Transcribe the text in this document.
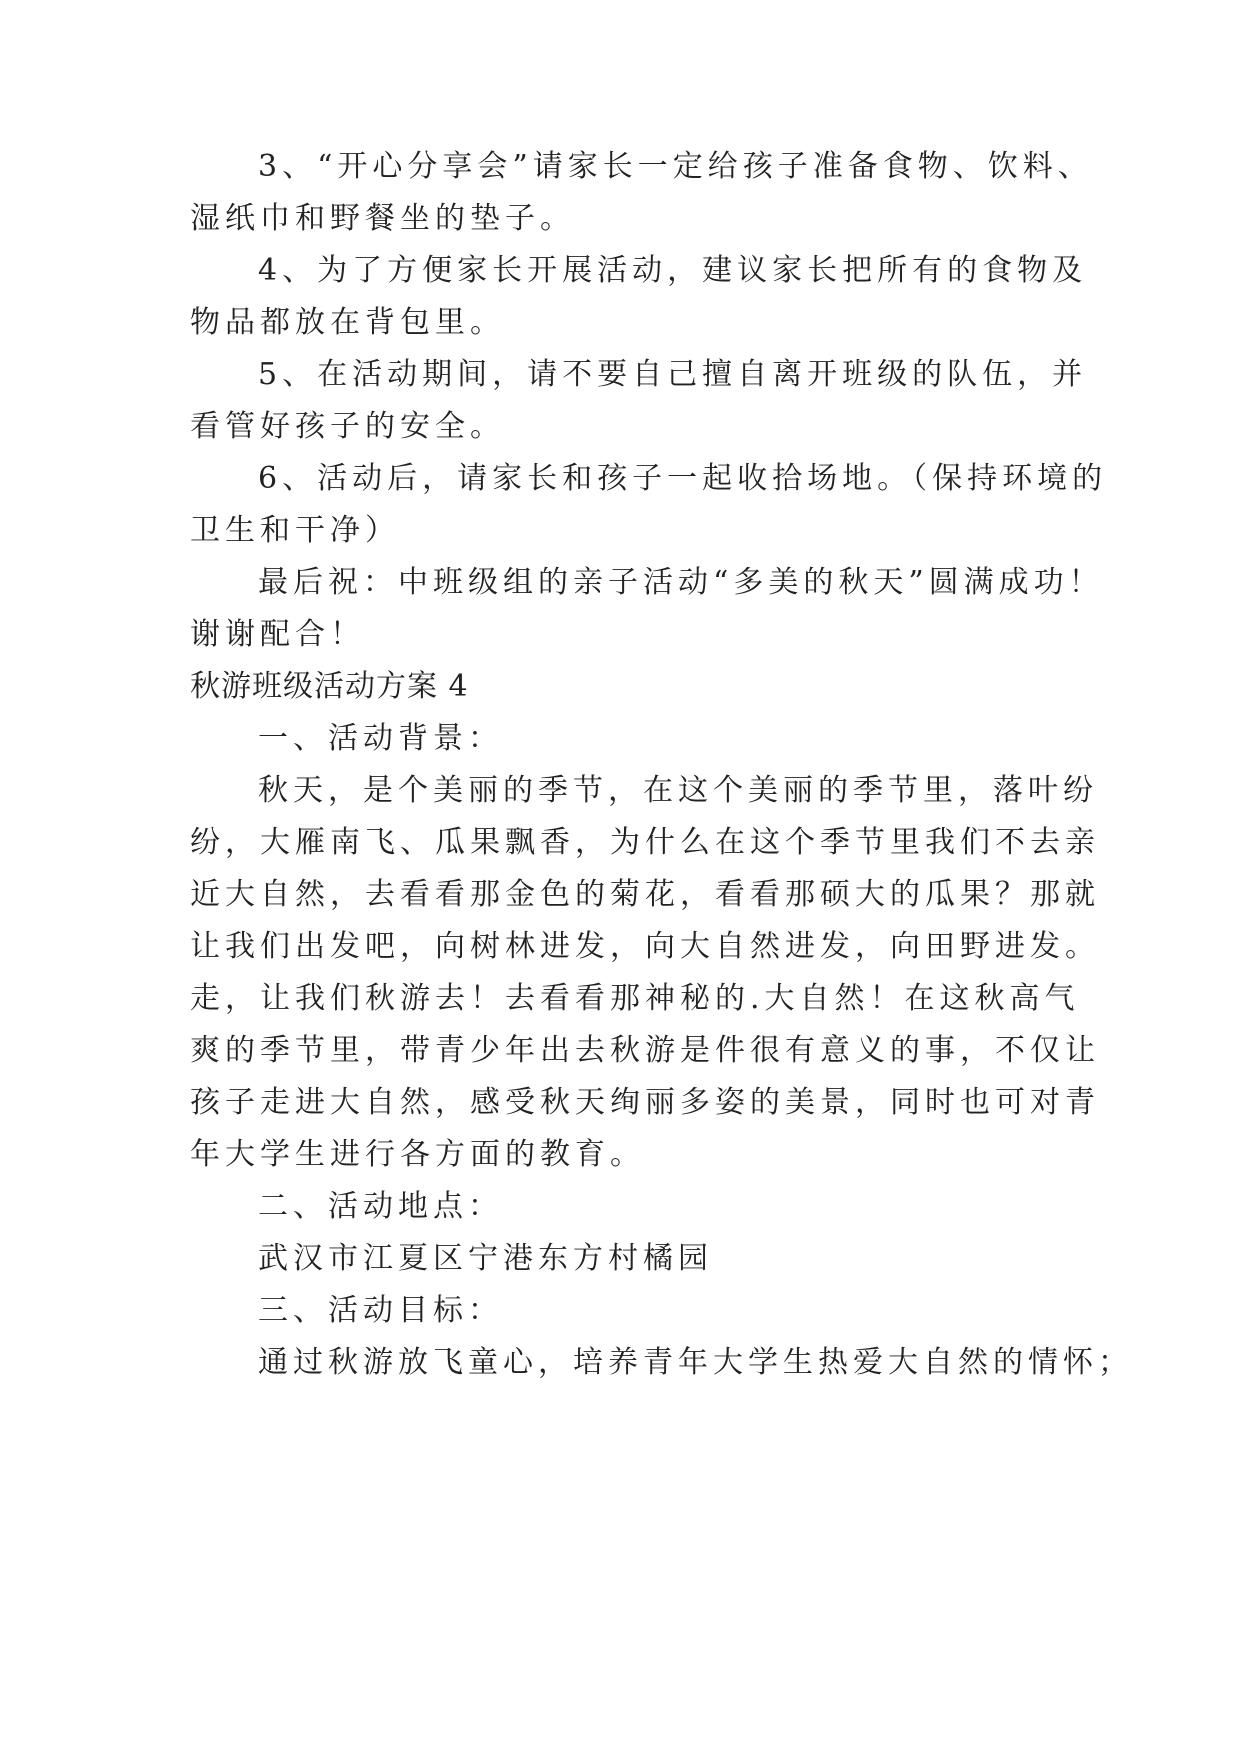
3、“开心分享会”请家长一定给孩子准备食物、饮料、
湿纸巾和野餐坐的垫子。
4、为了方便家长开展活动，建议家长把所有的食物及
物品都放在背包里。
5、在活动期间，请不要自己擅自离开班级的队伍，并
看管好孩子的安全。
6、活动后，请家长和孩子一起收拾场地。（保持环境的
卫生和干净）
最后祝：中班级组的亲子活动“多美的秋天”圆满成功！
谢谢配合！
秋游班级活动方案 4
一、活动背景：
秋天，是个美丽的季节，在这个美丽的季节里，落叶纷
纷，大雁南飞、瓜果飘香，为什么在这个季节里我们不去亲
近大自然，去看看那金色的菊花，看看那硕大的瓜果？那就
让我们出发吧，向树林进发，向大自然进发，向田野进发。
走，让我们秋游去！去看看那神秘的.大自然！在这秋高气
爽的季节里，带青少年出去秋游是件很有意义的事，不仅让
孩子走进大自然，感受秋天绚丽多姿的美景，同时也可对青
年大学生进行各方面的教育。
二、活动地点：
武汉市江夏区宁港东方村橘园
三、活动目标：
通过秋游放飞童心，培养青年大学生热爱大自然的情怀；
